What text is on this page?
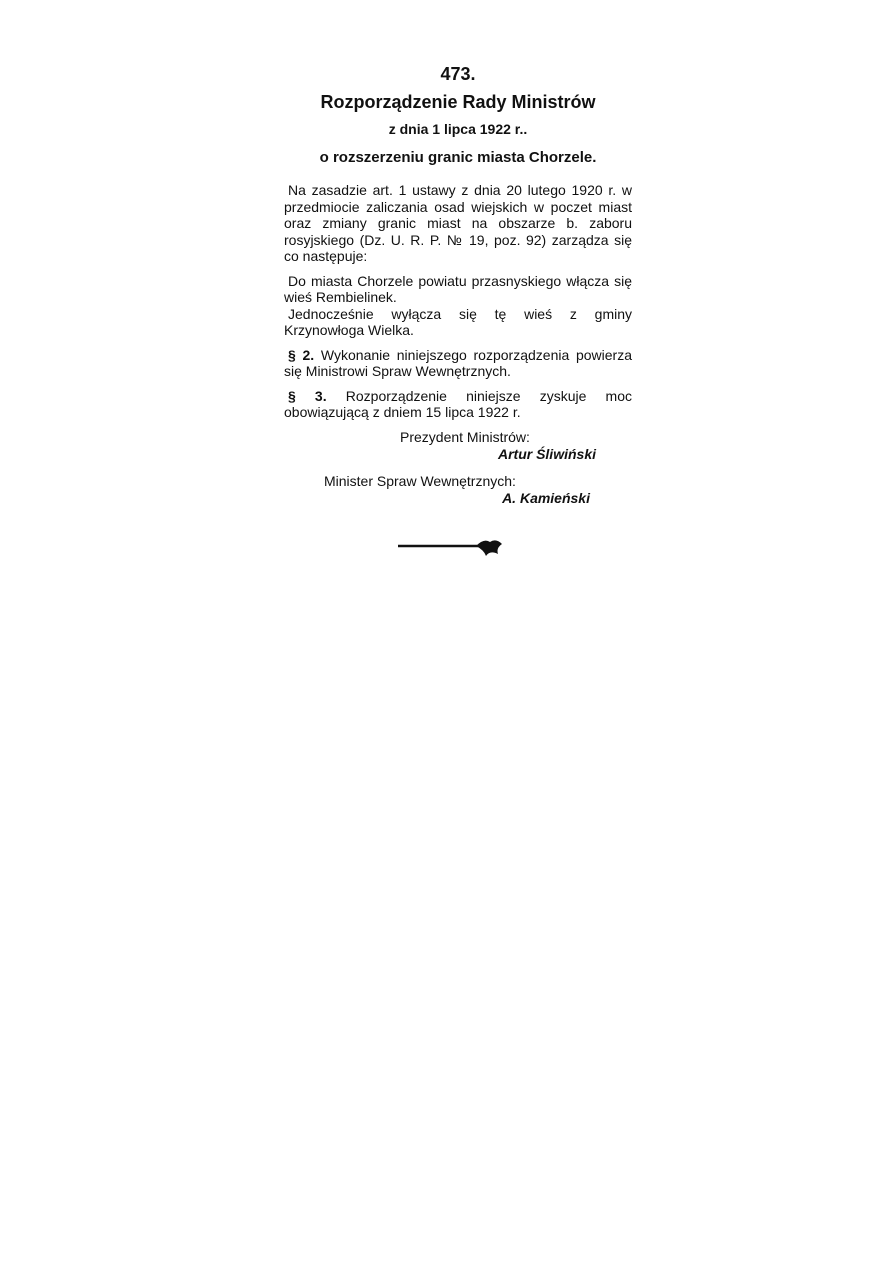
473.
Rozporządzenie Rady Ministrów
z dnia 1 lipca 1922 r..
o rozszerzeniu granic miasta Chorzele.

Na zasadzie art. 1 ustawy z dnia 20 lutego 1920 r. w przedmiocie zaliczania osad wiejskich w poczet miast oraz zmiany granic miast na obszarze b. zaboru rosyjskiego (Dz. U. R. P. № 19, poz. 92) zarządza się co następuje:

Do miasta Chorzele powiatu przasnyskiego włącza się wieś Rembielinek.

Jednocześnie wyłącza się tę wieś z gminy Krzynowłoga Wielka.

§ 2. Wykonanie niniejszego rozporządzenia powierza się Ministrowi Spraw Wewnętrznych.

§ 3. Rozporządzenie niniejsze zyskuje moc obowiązującą z dniem 15 lipca 1922 r.

Prezydent Ministrów:
Artur Śliwiński
Minister Spraw Wewnętrznych:
A. Kamieński
